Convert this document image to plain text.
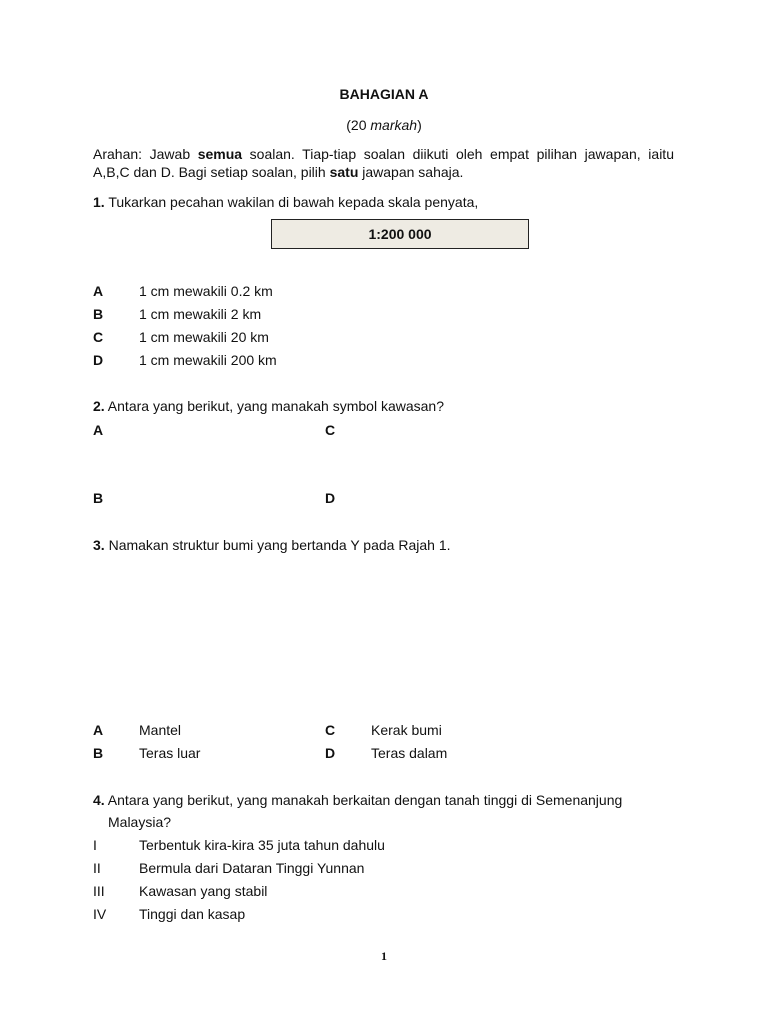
BAHAGIAN A
(20 markah)
Arahan: Jawab semua soalan. Tiap-tiap soalan diikuti oleh empat pilihan jawapan, iaitu
A,B,C dan D. Bagi setiap soalan, pilih satu jawapan sahaja.
1. Tukarkan pecahan wakilan di bawah kepada skala penyata,
1:200 000
A	1 cm mewakili 0.2 km
B	1 cm mewakili 2 km
C	1 cm mewakili 20 km
D	1 cm mewakili 200 km
2. Antara yang berikut, yang manakah symbol kawasan?
A	C
B	D
3. Namakan struktur bumi yang bertanda Y pada Rajah 1.
A	Mantel	C	Kerak bumi
B	Teras luar	D	Teras dalam
4. Antara yang berikut, yang manakah berkaitan dengan tanah tinggi di Semenanjung
Malaysia?
I	Terbentuk kira-kira 35 juta tahun dahulu
II	Bermula dari Dataran Tinggi Yunnan
III Kawasan yang stabil
IV Tinggi dan kasap
1
